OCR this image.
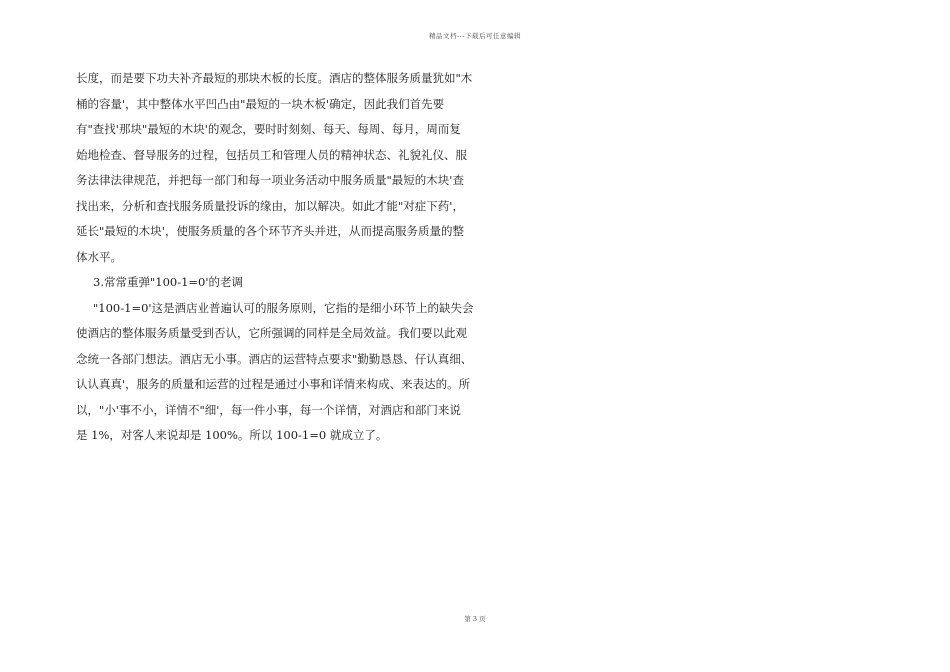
精品文档---下载后可任意编辑
长度，而是要下功夫补齐最短的那块木板的长度。酒店的整体服务质量犹如"木
桶的容量'，其中整体水平凹凸由"最短的一块木板'确定，因此我们首先要
有"查找'那块"最短的木块'的观念，要时时刻刻、每天、每周、每月，周而复
始地检查、督导服务的过程，包括员工和管理人员的精神状态、礼貌礼仪、服
务法律法律规范，并把每一部门和每一项业务活动中服务质量"最短的木块'查
找出来，分析和查找服务质量投诉的缘由，加以解决。如此才能"对症下药'，
延长"最短的木块'，使服务质量的各个环节齐头并进，从而提高服务质量的整
体水平。
3.常常重弹"100-1=0'的老调
"100-1=0'这是酒店业普遍认可的服务原则，它指的是细小环节上的缺失会
使酒店的整体服务质量受到否认，它所强调的同样是全局效益。我们要以此观
念统一各部门想法。酒店无小事。酒店的运营特点要求"勤勤恳恳、仔认真细、
认认真真'，服务的质量和运营的过程是通过小事和详情来构成、来表达的。所
以，"小'事不小，详情不"细'，每一件小事，每一个详情，对酒店和部门来说
是 1%，对客人来说却是 100%。所以 100-1=0 就成立了。
第 3 页
